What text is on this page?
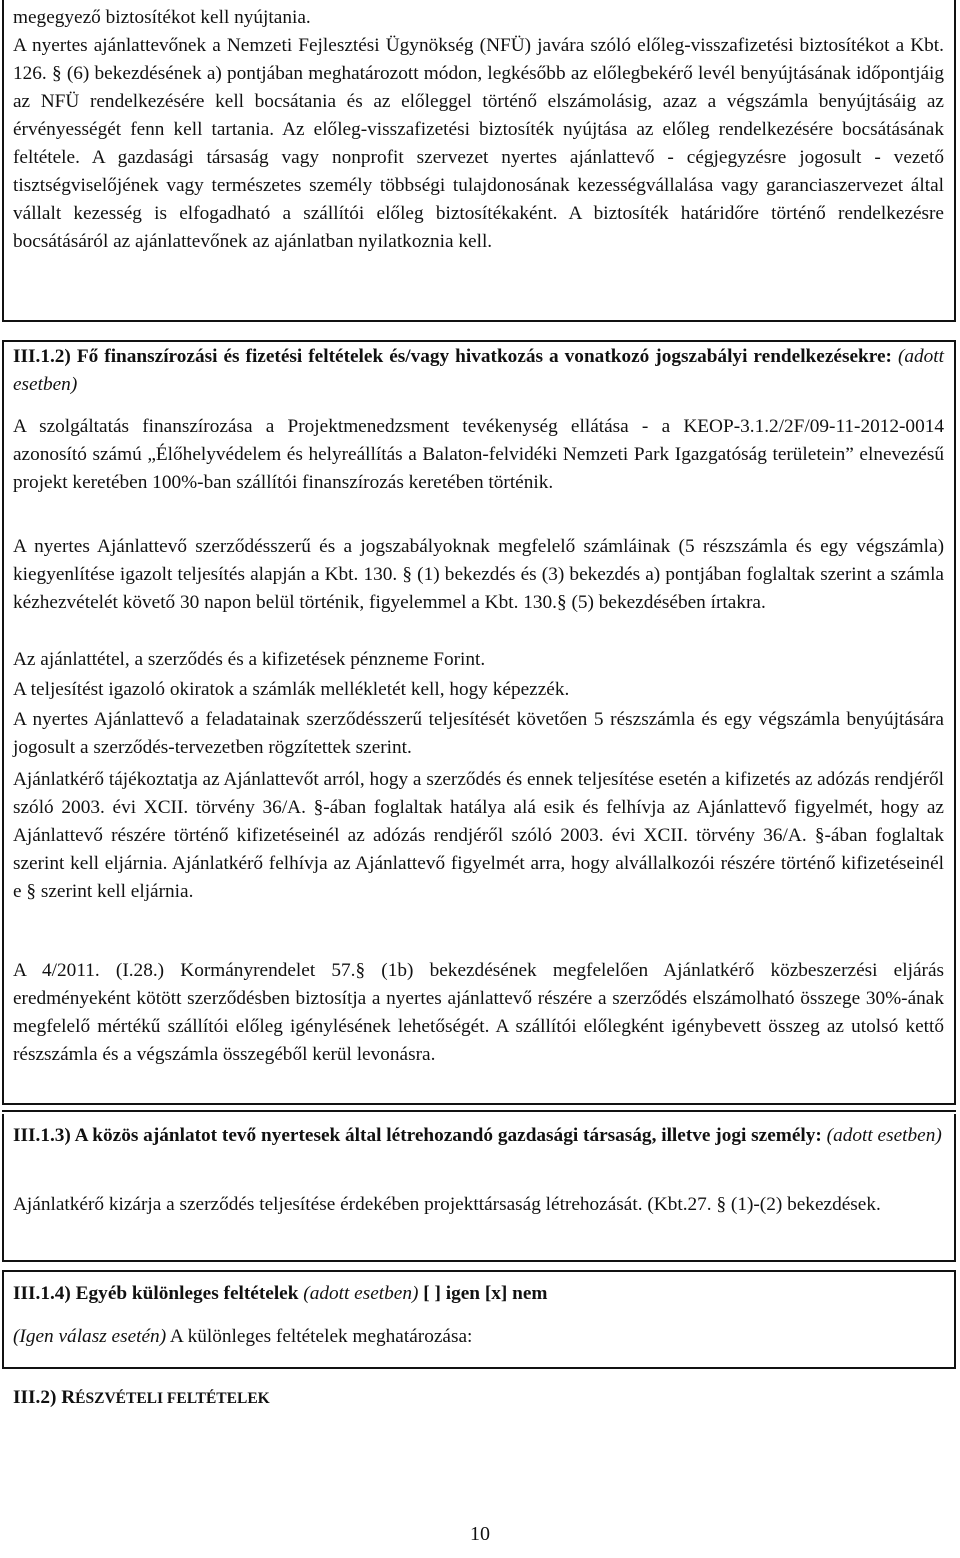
megegyező biztosítékot kell nyújtania.

A nyertes ajánlattevőnek a Nemzeti Fejlesztési Ügynökség (NFÜ) javára szóló előleg-visszafizetési biztosítékot a Kbt. 126. § (6) bekezdésének a) pontjában meghatározott módon, legkésőbb az előlegbekérő levél benyújtásának időpontjáig az NFÜ rendelkezésére kell bocsátania és az előleggel történő elszámolásig, azaz a végszámla benyújtásáig az érvényességét fenn kell tartania. Az előleg-visszafizetési biztosíték nyújtása az előleg rendelkezésére bocsátásának feltétele. A gazdasági társaság vagy nonprofit szervezet nyertes ajánlattevő - cégjegyzésre jogosult - vezető tisztségviselőjének vagy természetes személy többségi tulajdonosának kezességvállalása vagy garanciaszervezet által vállalt kezesség is elfogadható a szállítói előleg biztosítékaként. A biztosíték határidőre történő rendelkezésre bocsátásáról az ajánlattevőnek az ajánlatban nyilatkoznia kell.

III.1.2) Fő finanszírozási és fizetési feltételek és/vagy hivatkozás a vonatkozó jogszabályi rendelkezésekre: (adott esetben)

A szolgáltatás finanszírozása a Projektmenedzsment tevékenység ellátása - a KEOP-3.1.2/2F/09-11-2012-0014 azonosító számú „Élőhelyvédelem és helyreállítás a Balaton-felvidéki Nemzeti Park Igazgatóság területein” elnevezésű projekt keretében 100%-ban szállítói finanszírozás keretében történik.

A nyertes Ajánlattevő szerződésszerű és a jogszabályoknak megfelelő számláinak (5 részszámla és egy végszámla) kiegyenlítése igazolt teljesítés alapján a Kbt. 130. § (1) bekezdés és (3) bekezdés a) pontjában foglaltak szerint a számla kézhezvételét követő 30 napon belül történik, figyelemmel a Kbt. 130.§ (5) bekezdésében írtakra.

Az ajánlattétel, a szerződés és a kifizetések pénzneme Forint.

A teljesítést igazoló okiratok a számlák mellékletét kell, hogy képezzék.

A nyertes Ajánlattevő a feladatainak szerződésszerű teljesítését követően 5 részszámla és egy végszámla benyújtására jogosult a szerződés-tervezetben rögzítettek szerint.

Ajánlatkérő tájékoztatja az Ajánlattevőt arról, hogy a szerződés és ennek teljesítése esetén a kifizetés az adózás rendjéről szóló 2003. évi XCII. törvény 36/A. §-ában foglaltak hatálya alá esik és felhívja az Ajánlattevő figyelmét, hogy az Ajánlattevő részére történő kifizetéseinél az adózás rendjéről szóló 2003. évi XCII. törvény 36/A. §-ában foglaltak szerint kell eljárnia. Ajánlatkérő felhívja az Ajánlattevő figyelmét arra, hogy alvállalkozói részére történő kifizetéseinél e § szerint kell eljárnia.

A 4/2011. (I.28.) Kormányrendelet 57.§ (1b) bekezdésének megfelelően Ajánlatkérő közbeszerzési eljárás eredményeként kötött szerződésben biztosítja a nyertes ajánlattevő részére a szerződés elszámolható összege 30%-ának megfelelő mértékű szállítói előleg igénylésének lehetőségét. A szállítói előlegként igénybevett összeg az utolsó kettő részszámla és a végszámla összegéből kerül levonásra.

III.1.3) A közös ajánlatot tevő nyertesek által létrehozandó gazdasági társaság, illetve jogi személy: (adott esetben)

Ajánlatkérő kizárja a szerződés teljesítése érdekében projekttársaság létrehozását. (Kbt.27. § (1)-(2) bekezdések.

III.1.4) Egyéb különleges feltételek (adott esetben) [ ] igen [x] nem

(Igen válasz esetén) A különleges feltételek meghatározása:

III.2) RÉSZVÉTELI FELTÉTELEK

10
